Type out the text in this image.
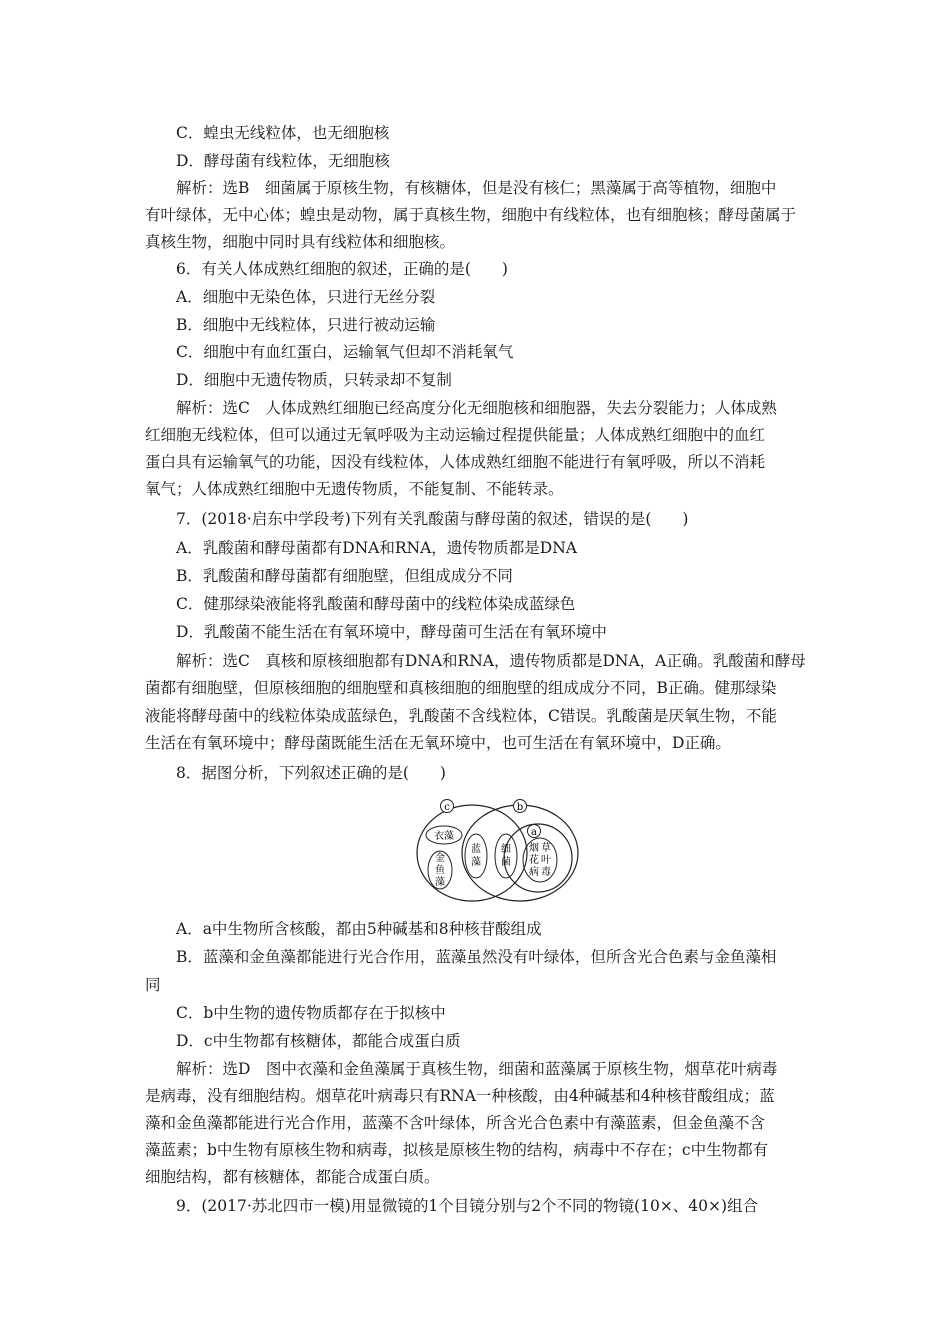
C．蝗虫无线粒体，也无细胞核
D．酵母菌有线粒体，无细胞核
解析：选B　细菌属于原核生物，有核糖体，但是没有核仁；黑藻属于高等植物，细胞中
有叶绿体，无中心体；蝗虫是动物，属于真核生物，细胞中有线粒体，也有细胞核；酵母菌属于
真核生物，细胞中同时具有线粒体和细胞核。
6．有关人体成熟红细胞的叙述，正确的是(　　)
A．细胞中无染色体，只进行无丝分裂
B．细胞中无线粒体，只进行被动运输
C．细胞中有血红蛋白，运输氧气但却不消耗氧气
D．细胞中无遗传物质，只转录却不复制
解析：选C　人体成熟红细胞已经高度分化无细胞核和细胞器，失去分裂能力；人体成熟
红细胞无线粒体，但可以通过无氧呼吸为主动运输过程提供能量；人体成熟红细胞中的血红
蛋白具有运输氧气的功能，因没有线粒体，人体成熟红细胞不能进行有氧呼吸，所以不消耗
氧气；人体成熟红细胞中无遗传物质，不能复制、不能转录。
7．(2018·启东中学段考)下列有关乳酸菌与酵母菌的叙述，错误的是(　　)
A．乳酸菌和酵母菌都有DNA和RNA，遗传物质都是DNA
B．乳酸菌和酵母菌都有细胞壁，但组成成分不同
C．健那绿染液能将乳酸菌和酵母菌中的线粒体染成蓝绿色
D．乳酸菌不能生活在有氧环境中，酵母菌可生活在有氧环境中
解析：选C　真核和原核细胞都有DNA和RNA，遗传物质都是DNA，A正确。乳酸菌和酵母
菌都有细胞壁，但原核细胞的细胞壁和真核细胞的细胞壁的组成成分不同，B正确。健那绿染
液能将酵母菌中的线粒体染成蓝绿色，乳酸菌不含线粒体，C错误。乳酸菌是厌氧生物，不能
生活在有氧环境中；酵母菌既能生活在无氧环境中，也可生活在有氧环境中，D正确。
8．据图分析，下列叙述正确的是(　　)
c	b
a
衣藻
金
鱼
藻
蓝
藻
细
菌
烟
花
病
草
叶
毒
A．a中生物所含核酸，都由5种碱基和8种核苷酸组成
B．蓝藻和金鱼藻都能进行光合作用，蓝藻虽然没有叶绿体，但所含光合色素与金鱼藻相
同
C．b中生物的遗传物质都存在于拟核中
D．c中生物都有核糖体，都能合成蛋白质
解析：选D　图中衣藻和金鱼藻属于真核生物，细菌和蓝藻属于原核生物，烟草花叶病毒
是病毒，没有细胞结构。烟草花叶病毒只有RNA一种核酸，由4种碱基和4种核苷酸组成；蓝
藻和金鱼藻都能进行光合作用，蓝藻不含叶绿体，所含光合色素中有藻蓝素，但金鱼藻不含
藻蓝素；b中生物有原核生物和病毒，拟核是原核生物的结构，病毒中不存在；c中生物都有
细胞结构，都有核糖体，都能合成蛋白质。
9．(2017·苏北四市一模)用显微镜的1个目镜分别与2个不同的物镜(10×、40×)组合
